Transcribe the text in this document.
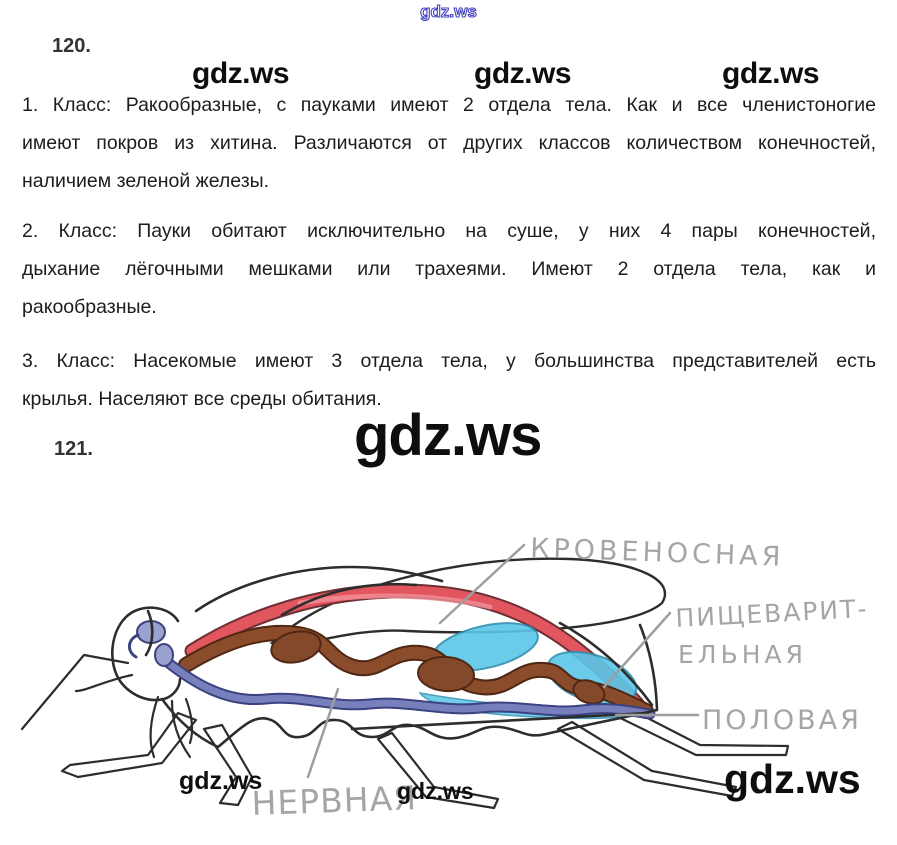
gdz.ws
120.
gdz.ws	gdz.ws	gdz.ws
1. Класс: Ракообразные, с пауками имеют 2 отдела тела. Как и все членистоногие
имеют покров из хитина. Различаются от других классов количеством конечностей,
наличием зеленой железы.
2. Класс: Пауки обитают исключительно на суше, у них 4 пары конечностей,
дыхание лёгочными мешками или трахеями. Имеют 2 отдела тела, как и
ракообразные.
3. Класс: Насекомые имеют 3 отдела тела, у большинства представителей есть
крылья. Населяют все среды обитания.
121.	gdz.ws
КРОВЕНОСНАЯ
ПИЩЕВАРИТ-
ЕЛЬНАЯ
ПОЛОВАЯ
НЕРВНАЯ
gdz.ws	gdz.ws	gdz.ws
